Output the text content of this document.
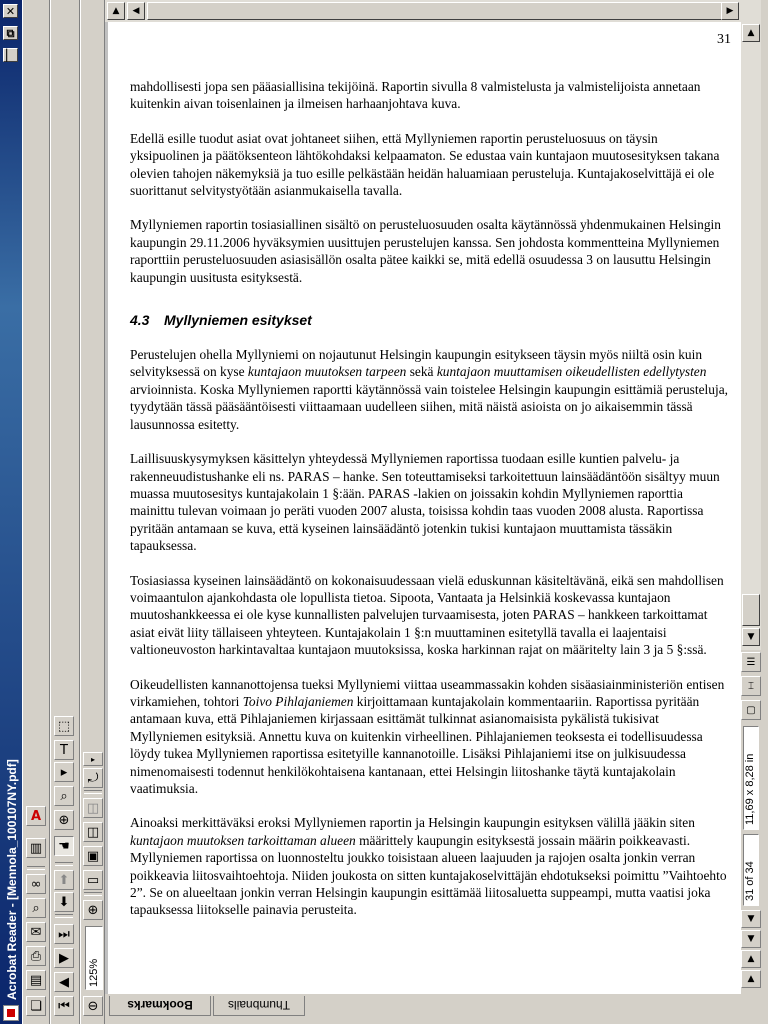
✕
⧉
▏
Acrobat Reader - [Mennola_100107NY.pdf]
❏
▤
⎙
✉
⌕
∞
▥
A
⏮
◀
▶
⏭
⬇
⬆
☚
⊕
⌕
▸
T
⬚
⊖
125%
⊕
▭
▣
◫
◫
⤾
▸
▲	◀	▶
▲
▼
☰
⌶
▢
11,69 x 8,28 in
31 of 34
▼
▼
▲
▲
Bookmarks	Thumbnails
31

mahdollisesti jopa sen pääasiallisina tekijöinä. Raportin sivulla 8 valmistelusta ja valmistelijoista annetaan kuitenkin aivan toisenlainen ja ilmeisen harhaanjohtava kuva.

Edellä esille tuodut asiat ovat johtaneet siihen, että Myllyniemen raportin perusteluosuus on täysin yksipuolinen ja päätöksenteon lähtökohdaksi kelpaamaton. Se edustaa vain kuntajaon muutosesityksen takana olevien tahojen näkemyksiä ja tuo esille pelkästään heidän haluamiaan perusteluja. Kuntajakoselvittäjä ei ole suorittanut selvitystyötään asianmukaisella tavalla.

Myllyniemen raportin tosiasiallinen sisältö on perusteluosuuden osalta käytännössä yhdenmukainen Helsingin kaupungin 29.11.2006 hyväksymien uusittujen perustelujen kanssa. Sen johdosta kommentteina Myllyniemen raporttiin perusteluosuuden asiasisällön osalta pätee kaikki se, mitä edellä osuudessa 3 on lausuttu Helsingin kaupungin uusitusta esityksestä.

4.3 Myllyniemen esitykset

Perustelujen ohella Myllyniemi on nojautunut Helsingin kaupungin esitykseen täysin myös niiltä osin kuin selvityksessä on kyse kuntajaon muutoksen tarpeen sekä kuntajaon muuttamisen oikeudellisten edellytysten arvioinnista. Koska Myllyniemen raportti käytännössä vain toistelee Helsingin kaupungin esittämiä perusteluja, tyydytään tässä pääsääntöisesti viittaamaan uudelleen siihen, mitä näistä asioista on jo aikaisemmin tässä lausunnossa esitetty.

Laillisuuskysymyksen käsittelyn yhteydessä Myllyniemen raportissa tuodaan esille kuntien palvelu- ja rakenneuudistushanke eli ns. PARAS – hanke. Sen toteuttamiseksi tarkoitettuun lainsäädäntöön sisältyy muun muassa muutosesitys kuntajakolain 1 §:ään. PARAS -lakien on joissakin kohdin Myllyniemen raporttia mainittu tulevan voimaan jo peräti vuoden 2007 alusta, toisissa kohdin taas vuoden 2008 alusta. Raportissa pyritään antamaan se kuva, että kyseinen lainsäädäntö jotenkin tukisi kuntajaon muuttamista tässäkin tapauksessa.

Tosiasiassa kyseinen lainsäädäntö on kokonaisuudessaan vielä eduskunnan käsiteltävänä, eikä sen mahdollisen voimaantulon ajankohdasta ole lopullista tietoa. Sipoota, Vantaata ja Helsinkiä koskevassa kuntajaon muutoshankkeessa ei ole kyse kunnallisten palvelujen turvaamisesta, joten PARAS – hankkeen tarkoittamat asiat eivät liity tällaiseen yhteyteen. Kuntajakolain 1 §:n muuttaminen esitetyllä tavalla ei laajentaisi valtioneuvoston harkintavaltaa kuntajaon muutoksissa, koska harkinnan rajat on määritelty lain 3 ja 5 §:ssä.

Oikeudellisten kannanottojensa tueksi Myllyniemi viittaa useammassakin kohden sisäasiainministeriön entisen virkamiehen, tohtori Toivo Pihlajaniemen kirjoittamaan kuntajakolain kommentaariin. Raportissa pyritään antamaan kuva, että Pihlajaniemen kirjassaan esittämät tulkinnat asianomaisista pykälistä tukisivat Myllyniemen esityksiä. Annettu kuva on kuitenkin virheellinen. Pihlajaniemen teoksesta ei todellisuudessa löydy tukea Myllyniemen raportissa esitetyille kannanotoille. Lisäksi Pihlajaniemi itse on julkisuudessa nimenomaisesti todennut henkilökohtaisena kantanaan, ettei Helsingin liitoshanke täytä kuntajakolain vaatimuksia.

Ainoaksi merkittäväksi eroksi Myllyniemen raportin ja Helsingin kaupungin esityksen välillä jääkin siten kuntajaon muutoksen tarkoittaman alueen määrittely kaupungin esityksestä jossain määrin poikkeavasti. Myllyniemen raportissa on luonnosteltu joukko toisistaan alueen laajuuden ja rajojen osalta jonkin verran poikkeavia liitosvaihtoehtoja. Niiden joukosta on sitten kuntajakoselvittäjän ehdotukseksi poimittu ”Vaihtoehto 2”. Se on alueeltaan jonkin verran Helsingin kaupungin esittämää liitosaluetta suppeampi, mutta vaatisi joka tapauksessa liitokselle painavia perusteita.
